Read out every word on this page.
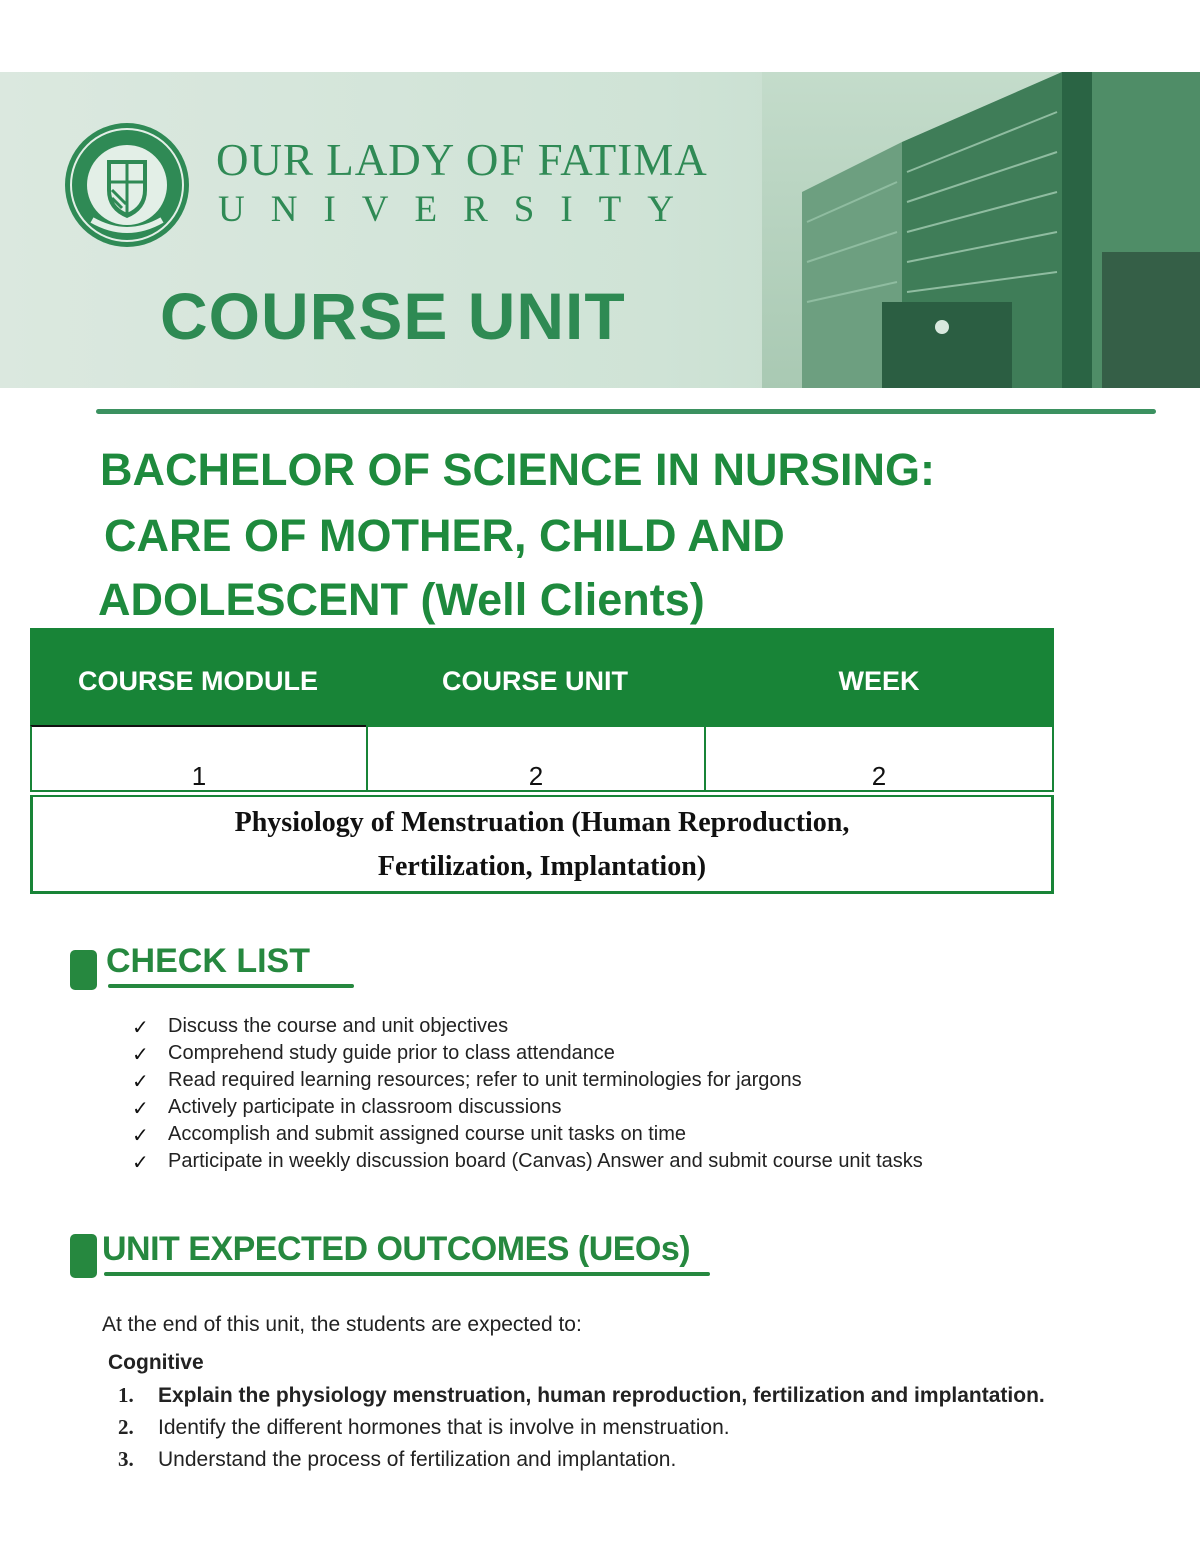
OUR LADY OF FATIMA
UNIVERSITY
COURSE UNIT
BACHELOR OF SCIENCE IN NURSING:
CARE OF MOTHER, CHILD AND
ADOLESCENT (Well Clients)
COURSE MODULE	COURSE UNIT	WEEK
1	2	2
Physiology of Menstruation (Human Reproduction,
Fertilization, Implantation)
CHECK LIST
✓ Discuss the course and unit objectives
✓ Comprehend study guide prior to class attendance
✓ Read required learning resources; refer to unit terminologies for jargons
✓ Actively participate in classroom discussions
✓ Accomplish and submit assigned course unit tasks on time
✓ Participate in weekly discussion board (Canvas) Answer and submit course unit tasks
UNIT EXPECTED OUTCOMES (UEOs)
At the end of this unit, the students are expected to:
Cognitive
1. Explain the physiology menstruation, human reproduction, fertilization and implantation.
2. Identify the different hormones that is involve in menstruation.
3. Understand the process of fertilization and implantation.
